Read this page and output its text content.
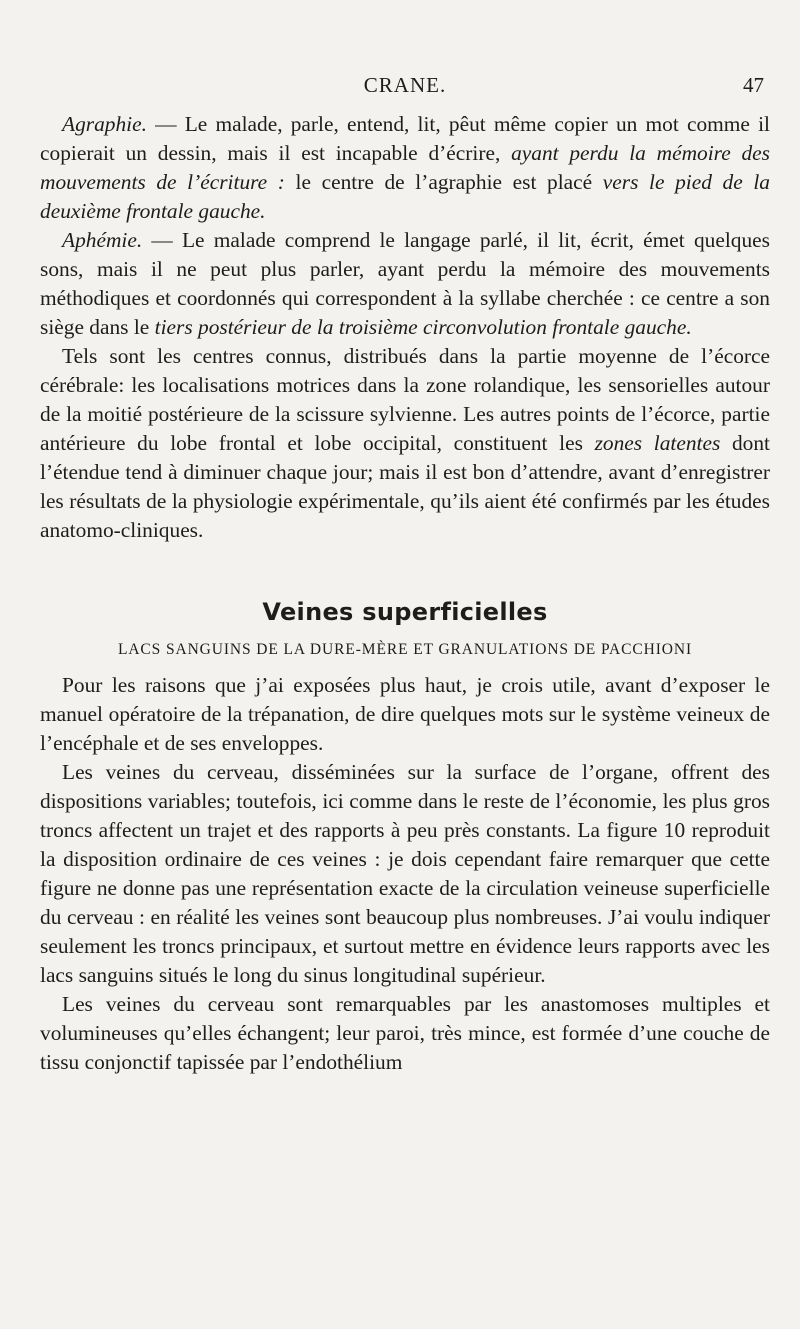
CRANE.	47

Agraphie. — Le malade, parle, entend, lit, pêut même copier un mot comme il copierait un dessin, mais il est incapable d’écrire, ayant perdu la mémoire des mouvements de l’écriture : le centre de l’agraphie est placé vers le pied de la deuxième frontale gauche.

Aphémie. — Le malade comprend le langage parlé, il lit, écrit, émet quelques sons, mais il ne peut plus parler, ayant perdu la mémoire des mouvements méthodiques et coordonnés qui correspondent à la syllabe cherchée : ce centre a son siège dans le tiers postérieur de la troisième circonvolution frontale gauche.

Tels sont les centres connus, distribués dans la partie moyenne de l’écorce cérébrale: les localisations motrices dans la zone rolandique, les sensorielles autour de la moitié postérieure de la scissure sylvienne. Les autres points de l’écorce, partie antérieure du lobe frontal et lobe occipital, constituent les zones latentes dont l’étendue tend à diminuer chaque jour; mais il est bon d’attendre, avant d’enregistrer les résultats de la physiologie expérimentale, qu’ils aient été confirmés par les études anatomo-cliniques.

Veines superficielles
LACS SANGUINS DE LA DURE-MÈRE ET GRANULATIONS DE PACCHIONI

Pour les raisons que j’ai exposées plus haut, je crois utile, avant d’exposer le manuel opératoire de la trépanation, de dire quelques mots sur le système veineux de l’encéphale et de ses enveloppes.

Les veines du cerveau, disséminées sur la surface de l’organe, offrent des dispositions variables; toutefois, ici comme dans le reste de l’économie, les plus gros troncs affectent un trajet et des rapports à peu près constants. La figure 10 reproduit la disposition ordinaire de ces veines : je dois cependant faire remarquer que cette figure ne donne pas une représentation exacte de la circulation veineuse superficielle du cerveau : en réalité les veines sont beaucoup plus nombreuses. J’ai voulu indiquer seulement les troncs principaux, et surtout mettre en évidence leurs rapports avec les lacs sanguins situés le long du sinus longitudinal supérieur.

Les veines du cerveau sont remarquables par les anastomoses multiples et volumineuses qu’elles échangent; leur paroi, très mince, est formée d’une couche de tissu conjonctif tapissée par l’endothélium
